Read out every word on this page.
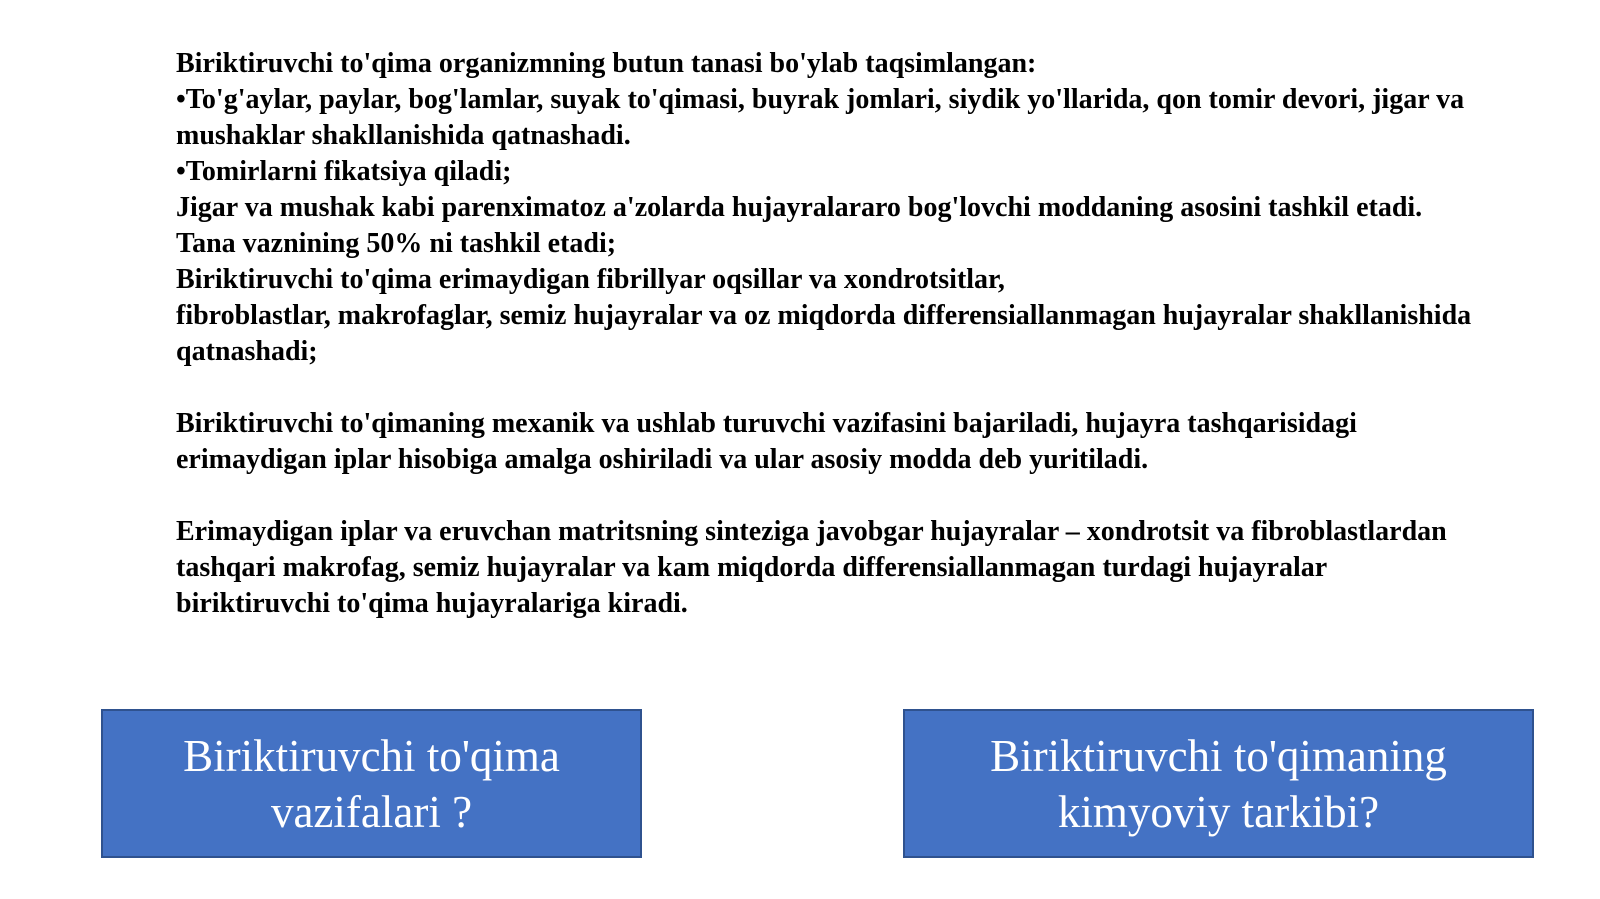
Biriktiruvchi to'qima organizmning butun tanasi bo'ylab taqsimlangan:

•To'g'aylar, paylar, bog'lamlar, suyak to'qimasi, buyrak jomlari, siydik yo'llarida, qon tomir devori, jigar va mushaklar shakllanishida qatnashadi.

•Tomirlarni fikatsiya qiladi;

Jigar va mushak kabi parenximatoz a'zolarda hujayralararo bog'lovchi moddaning asosini tashkil etadi. Tana vaznining 50% ni tashkil etadi;

Biriktiruvchi to'qima erimaydigan fibrillyar oqsillar va xondrotsitlar,

fibroblastlar, makrofaglar, semiz hujayralar va oz miqdorda differensiallanmagan hujayralar shakllanishida qatnashadi;

Biriktiruvchi to'qimaning mexanik va ushlab turuvchi vazifasini bajariladi, hujayra tashqarisidagi erimaydigan iplar hisobiga amalga oshiriladi va ular asosiy modda deb yuritiladi.

Erimaydigan iplar va eruvchan matritsning sinteziga javobgar hujayralar – xondrotsit va fibroblastlardan tashqari makrofag, semiz hujayralar va kam miqdorda differensiallanmagan turdagi hujayralar biriktiruvchi to'qima hujayralariga kiradi.

Biriktiruvchi to'qima vazifalari ?
Biriktiruvchi to'qimaning kimyoviy tarkibi?
